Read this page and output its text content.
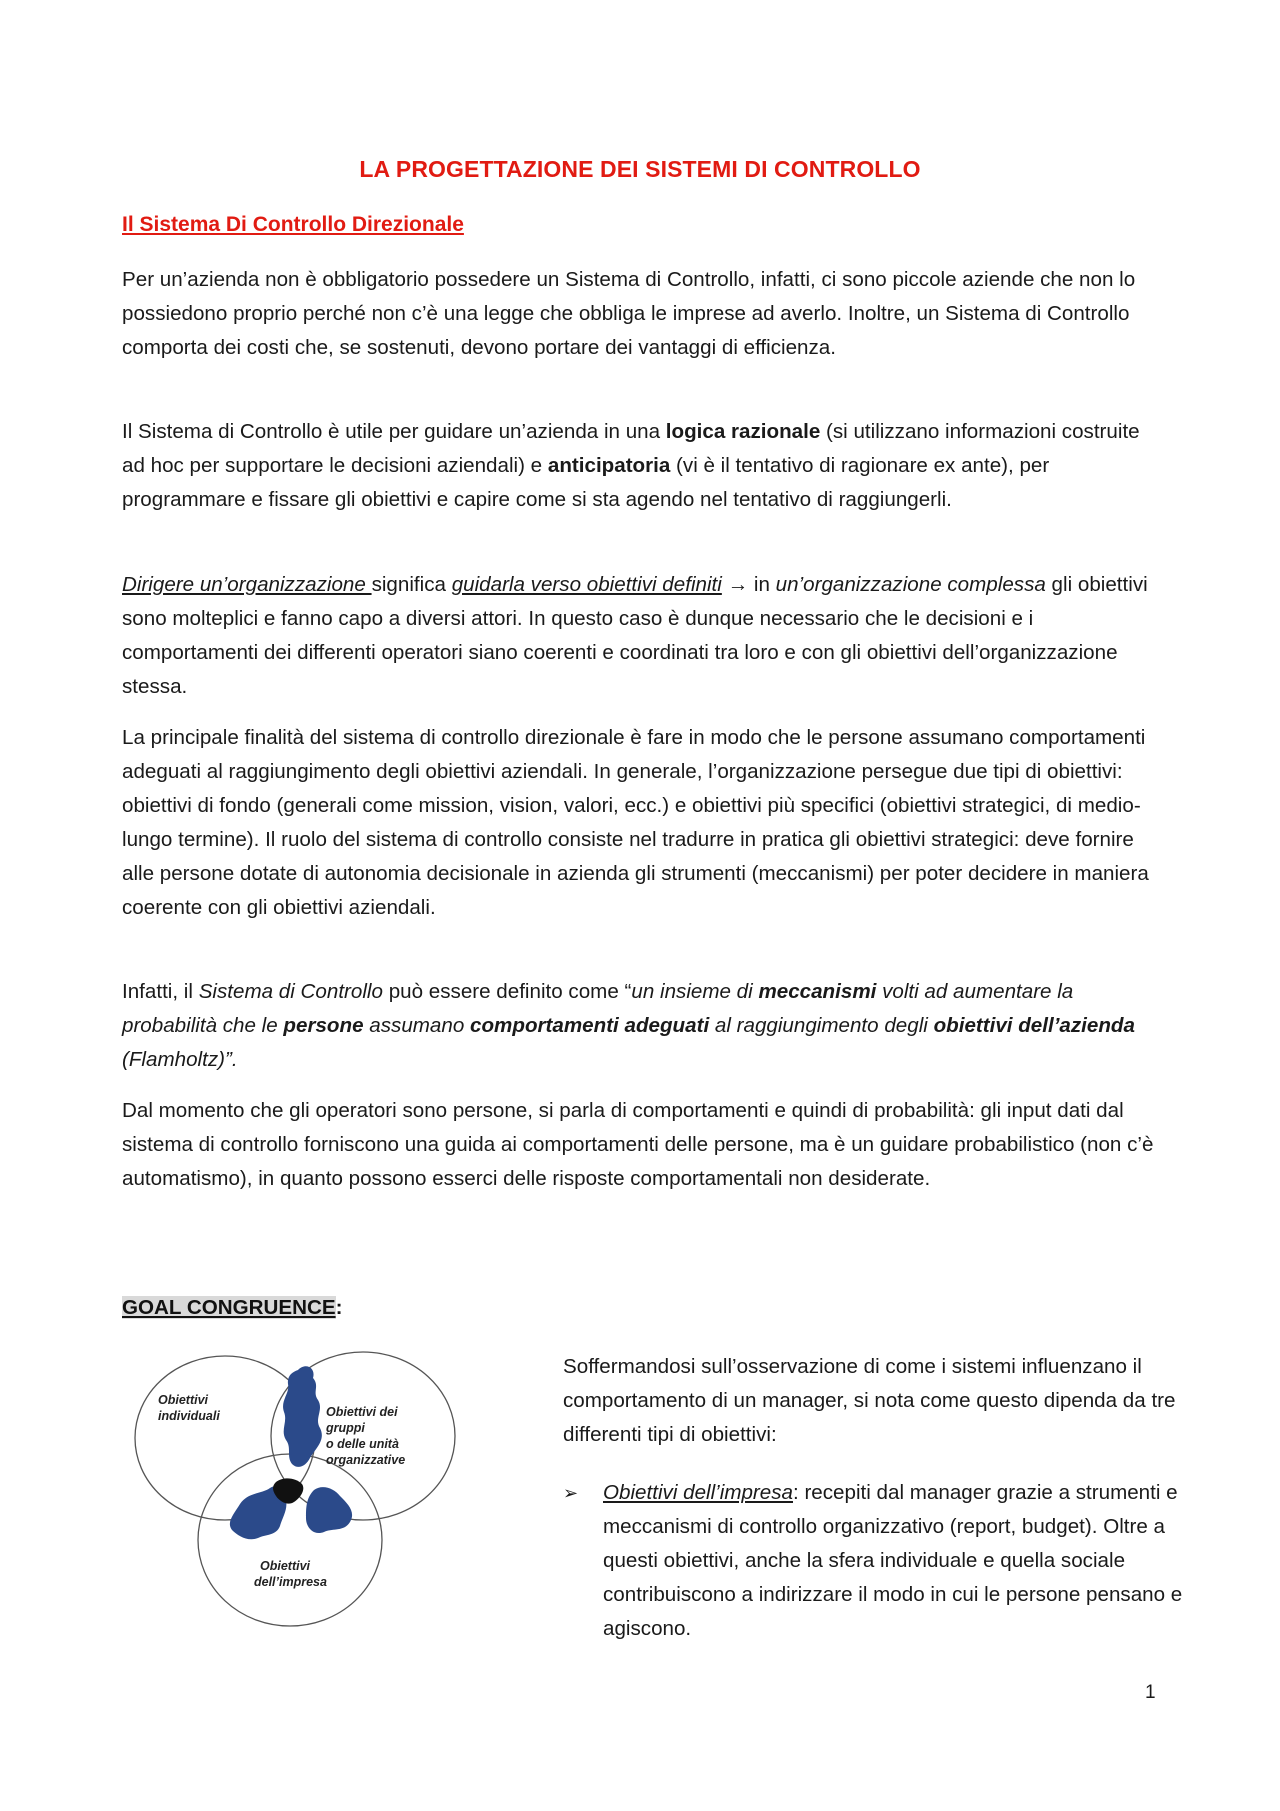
LA PROGETTAZIONE DEI SISTEMI DI CONTROLLO
Il Sistema Di Controllo Direzionale

Per un’azienda non è obbligatorio possedere un Sistema di Controllo, infatti, ci sono piccole aziende che non lo possiedono proprio perché non c’è una legge che obbliga le imprese ad averlo. Inoltre, un Sistema di Controllo comporta dei costi che, se sostenuti, devono portare dei vantaggi di efficienza.

Il Sistema di Controllo è utile per guidare un’azienda in una logica razionale (si utilizzano informazioni costruite ad hoc per supportare le decisioni aziendali) e anticipatoria (vi è il tentativo di ragionare ex ante), per programmare e fissare gli obiettivi e capire come si sta agendo nel tentativo di raggiungerli.

Dirigere un’organizzazione significa guidarla verso obiettivi definiti → in un’organizzazione complessa gli obiettivi sono molteplici e fanno capo a diversi attori. In questo caso è dunque necessario che le decisioni e i comportamenti dei differenti operatori siano coerenti e coordinati tra loro e con gli obiettivi dell’organizzazione stessa.

La principale finalità del sistema di controllo direzionale è fare in modo che le persone assumano comportamenti adeguati al raggiungimento degli obiettivi aziendali. In generale, l’organizzazione persegue due tipi di obiettivi: obiettivi di fondo (generali come mission, vision, valori, ecc.) e obiettivi più specifici (obiettivi strategici, di medio-lungo termine). Il ruolo del sistema di controllo consiste nel tradurre in pratica gli obiettivi strategici: deve fornire alle persone dotate di autonomia decisionale in azienda gli strumenti (meccanismi) per poter decidere in maniera coerente con gli obiettivi aziendali.

Infatti, il Sistema di Controllo può essere definito come “un insieme di meccanismi volti ad aumentare la probabilità che le persone assumano comportamenti adeguati al raggiungimento degli obiettivi dell’azienda (Flamholtz)”.

Dal momento che gli operatori sono persone, si parla di comportamenti e quindi di probabilità: gli input dati dal sistema di controllo forniscono una guida ai comportamenti delle persone, ma è un guidare probabilistico (non c’è automatismo), in quanto possono esserci delle risposte comportamentali non desiderate.

GOAL CONGRUENCE:
Obiettivi
individuali	Obiettivi dei
gruppi
o delle unità
organizzative
Obiettivi
dell’impresa

Soffermandosi sull’osservazione di come i sistemi influenzano il comportamento di un manager, si nota come questo dipenda da tre differenti tipi di obiettivi:

➢ Obiettivi dell’impresa: recepiti dal manager grazie a strumenti e meccanismi di controllo organizzativo (report, budget). Oltre a questi obiettivi, anche la sfera individuale e quella sociale contribuiscono a indirizzare il modo in cui le persone pensano e agiscono.
1
